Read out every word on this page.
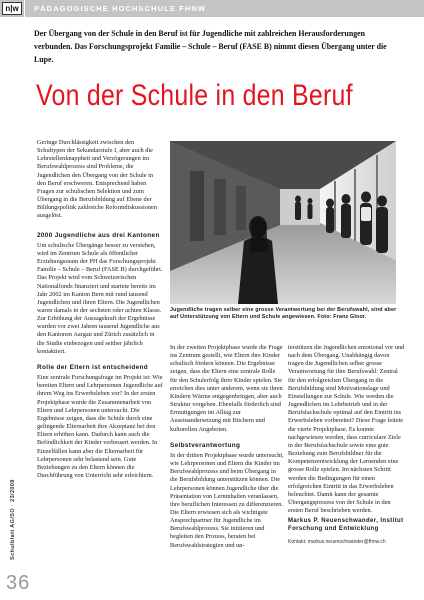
n|w	PÄDAGOGISCHE HOCHSCHULE FHNW
Der Übergang von der Schule in den Beruf ist für Jugendliche mit zahlreichen Herausforderungen verbunden. Das Forschungsprojekt Familie – Schule – Beruf (FASE B) nimmt diesen Übergang unter die Lupe.
Von der Schule in den Beruf

Geringe Durchlässigkeit zwischen den Schultypen der Sekundarstufe I, aber auch die Lehrstellenknappheit und Verzögerungen im Berufswahlprozess sind Probleme, die Jugendlichen den Übergang von der Schule in den Beruf erschweren. Entsprechend haben Fragen zur schulischen Selektion und zum Übergang in die Berufsbildung auf Ebene der Bildungspolitik zahlreiche Reformdiskussionen ausgelöst.

2000 Jugendliche aus drei Kantonen

Um schulische Übergänge besser zu verstehen, wird im Zentrum Schule als öffentlicher Erziehungsraum der PH das Forschungsprojekt Familie – Schule – Beruf (FASE B) durchgeführt. Das Projekt wird vom Schweizerischen Nationalfonds finanziert und startete bereits im Jahr 2002 im Kanton Bern mit rund tausend Jugendlichen und ihren Eltern. Die Jugendlichen waren damals in der sechsten oder achten Klasse. Zur Erhöhung der Aussagekraft der Ergebnisse wurden vor zwei Jahren tausend Jugendliche aus den Kantonen Aargau und Zürich zusätzlich in die Studie einbezogen und seither jährlich kontaktiert.

Rolle der Eltern ist entscheidend

Eine zentrale Forschungsfrage im Projekt ist: Wie bereiten Eltern und Lehrpersonen Jugendliche auf ihrem Weg ins Erwerbsleben vor? In der ersten Projektphase wurde die Zusammenarbeit von Eltern und Lehrpersonen untersucht. Die Ergebnisse zeigen, dass die Schule durch eine gelingende Elternarbeit ihre Akzeptanz bei den Eltern erhöhen kann. Dadurch kann auch die Befindlichkeit der Kinder verbessert werden. In Einzelfällen kann aber die Elternarbeit für Lehrpersonen sehr belastend sein. Gute Beziehungen zu den Eltern können die Durchführung von Unterricht sehr erleichtern.

Jugendliche tragen selber eine grosse Verantwortung bei der Berufswahl, sind aber auf Unterstützung von Eltern und Schule angewiesen. Foto: Franz Gloor.

In der zweiten Projektphase wurde die Frage ins Zentrum gestellt, wie Eltern ihre Kinder schulisch fördern können. Die Ergebnisse zeigen, dass die Eltern eine zentrale Rolle für den Schulerfolg ihrer Kinder spielen. Sie erreichen dies unter anderem, wenn sie ihren Kindern Wärme entgegenbringen, aber auch Struktur vorgeben. Ebenfalls förderlich sind Ermutigungen im Alltag zur Auseinandersetzung mit Büchern und kulturellen Angeboten.

Selbstverantwortung

In der dritten Projektphase wurde untersucht, wie Lehrpersonen und Eltern die Kinder im Berufswahlprozess und beim Übergang in die Berufsbildung unterstützen können. Die Lehrpersonen können Jugendliche über die Präsentation von Lerninhalten veranlassen, ihre beruflichen Interessen zu differenzieren. Die Eltern erwiesen sich als wichtigste Ansprechpartner für Jugendliche im Berufswahlprozess. Sie initiieren und begleiten den Prozess, beraten bei Berufswahlstrategien und un-

terstützen die Jugendlichen emotional vor und nach dem Übergang. Unabhängig davon tragen die Jugendlichen selber grosse Verantwortung für ihre Berufswahl: Zentral für den erfolgreichen Übergang in die Berufsbildung sind Motivationslage und Einstellungen zur Schule. Wie werden die Jugendlichen im Lehrbetrieb und in der Berufsfachschule optimal auf den Eintritt ins Erwerbsleben vorbereitet? Diese Frage leitete die vierte Projektphase. Es konnte nachgewiesen werden, dass curriculare Ziele in der Berufsfachschule sowie eine gute Beziehung zum Berufsbildner für die Kompetenzentwicklung der Lernenden eine grosse Rolle spielen. Im nächsten Schritt werden die Bedingungen für einen erfolgreichen Eintritt in das Erwerbsleben beleuchtet. Damit kann der gesamte Übergangsprozess von der Schule in den ersten Beruf beschrieben werden.

Markus P. Neuenschwander, Institut Forschung und Entwicklung
Kontakt: markus.neuenschwander@fhnw.ch
Schulblatt AG/SO · 23/2008
36
